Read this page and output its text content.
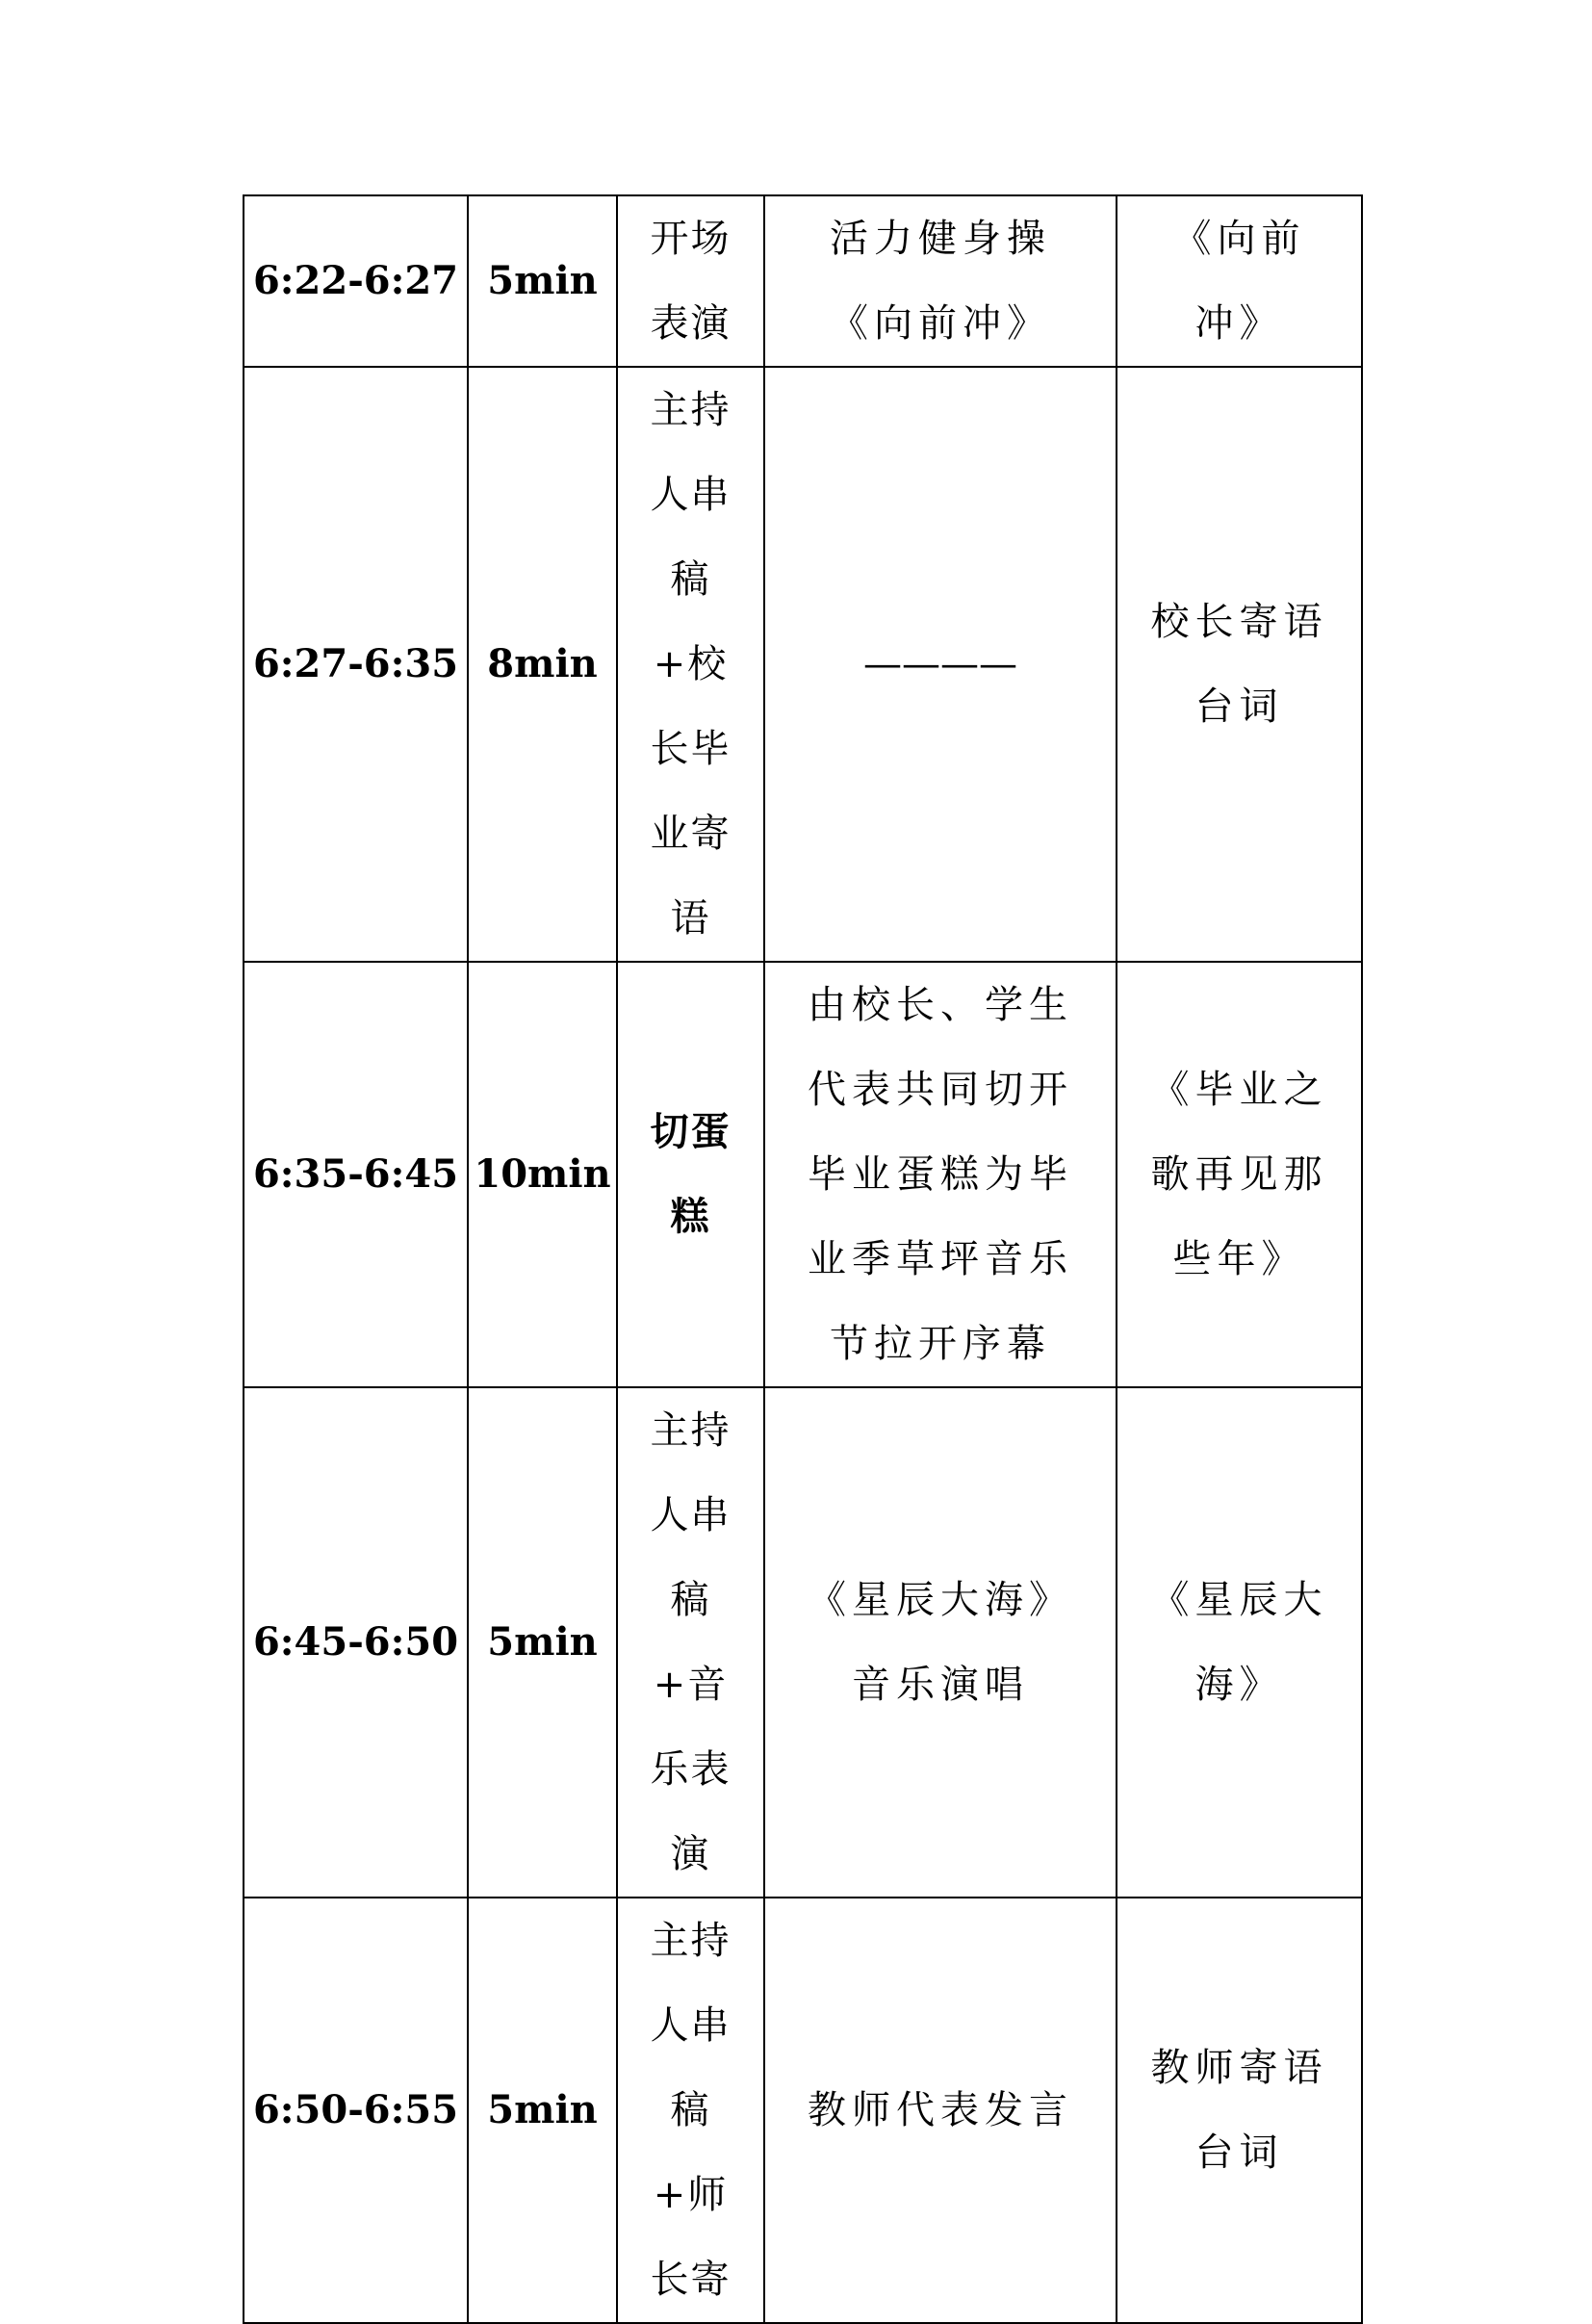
6:22-6:27	5min	开场表演	活力健身操《向前冲》	《向前冲》
6:27-6:35	8min	主持人串稿+校长毕业寄语	————	校长寄语台词
6:35-6:45	10min	切蛋糕	由校长、学生代表共同切开毕业蛋糕为毕业季草坪音乐节拉开序幕	《毕业之歌再见那些年》
6:45-6:50	5min	主持人串稿+音乐表演	《星辰大海》音乐演唱	《星辰大海》
6:50-6:55	5min	主持人串稿+师长寄	教师代表发言	教师寄语台词
